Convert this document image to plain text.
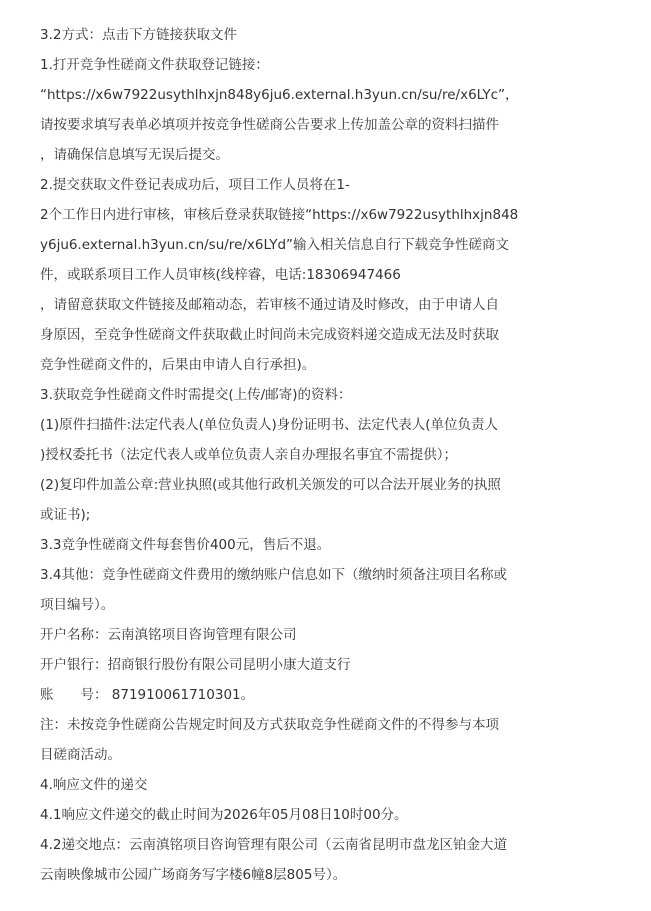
3.2方式：点击下方链接获取文件
1.打开竞争性磋商文件获取登记链接：
“https://x6w7922usythlhxjn848y6ju6.external.h3yun.cn/su/re/x6LYc”，
请按要求填写表单必填项并按竞争性磋商公告要求上传加盖公章的资料扫描件
，请确保信息填写无误后提交。
2.提交获取文件登记表成功后，项目工作人员将在1-
2个工作日内进行审核，审核后登录获取链接“https://x6w7922usythlhxjn848
y6ju6.external.h3yun.cn/su/re/x6LYd”输入相关信息自行下载竞争性磋商文
件，或联系项目工作人员审核(线梓睿，电话:18306947466
，请留意获取文件链接及邮箱动态，若审核不通过请及时修改，由于申请人自
身原因，至竞争性磋商文件获取截止时间尚未完成资料递交造成无法及时获取
竞争性磋商文件的，后果由申请人自行承担)。
3.获取竞争性磋商文件时需提交(上传/邮寄)的资料：
(1)原件扫描件:法定代表人(单位负责人)身份证明书、法定代表人(单位负责人
)授权委托书（法定代表人或单位负责人亲自办理报名事宜不需提供）；
(2)复印件加盖公章:营业执照(或其他行政机关颁发的可以合法开展业务的执照
或证书);
3.3竞争性磋商文件每套售价400元，售后不退。
3.4其他：竞争性磋商文件费用的缴纳账户信息如下（缴纳时须备注项目名称或
项目编号）。
开户名称：云南滇铭项目咨询管理有限公司
开户银行：招商银行股份有限公司昆明小康大道支行
账　　号： 871910061710301。
注：未按竞争性磋商公告规定时间及方式获取竞争性磋商文件的不得参与本项
目磋商活动。
4.响应文件的递交
4.1响应文件递交的截止时间为2026年05月08日10时00分。
4.2递交地点：云南滇铭项目咨询管理有限公司（云南省昆明市盘龙区铂金大道
云南映像城市公园广场商务写字楼6幢8层805号）。
